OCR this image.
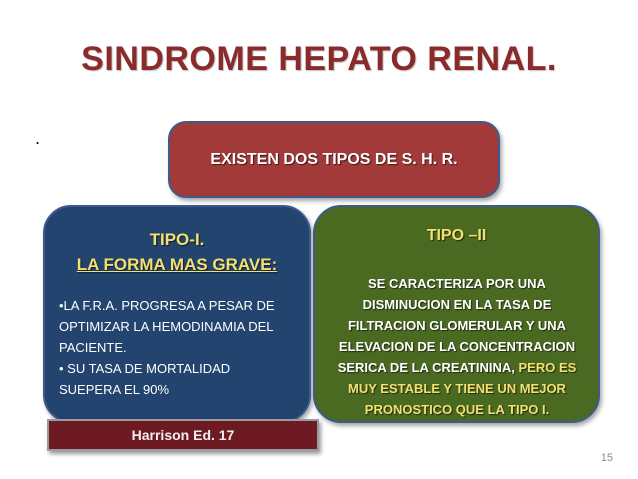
SINDROME HEPATO RENAL.
.
EXISTEN DOS TIPOS DE S. H. R.
TIPO-I.
LA FORMA MAS GRAVE:
•LA F.R.A. PROGRESA A PESAR DE
OPTIMIZAR LA HEMODINAMIA DEL
PACIENTE.
• SU TASA DE MORTALIDAD
SUEPERA EL 90%
TIPO –II
SE CARACTERIZA POR UNA
DISMINUCION EN LA TASA DE
FILTRACION GLOMERULAR Y UNA
ELEVACION DE LA CONCENTRACION
SERICA DE LA CREATININA, PERO ES
MUY ESTABLE Y TIENE UN MEJOR
PRONOSTICO QUE LA TIPO I.
Harrison Ed. 17
15
